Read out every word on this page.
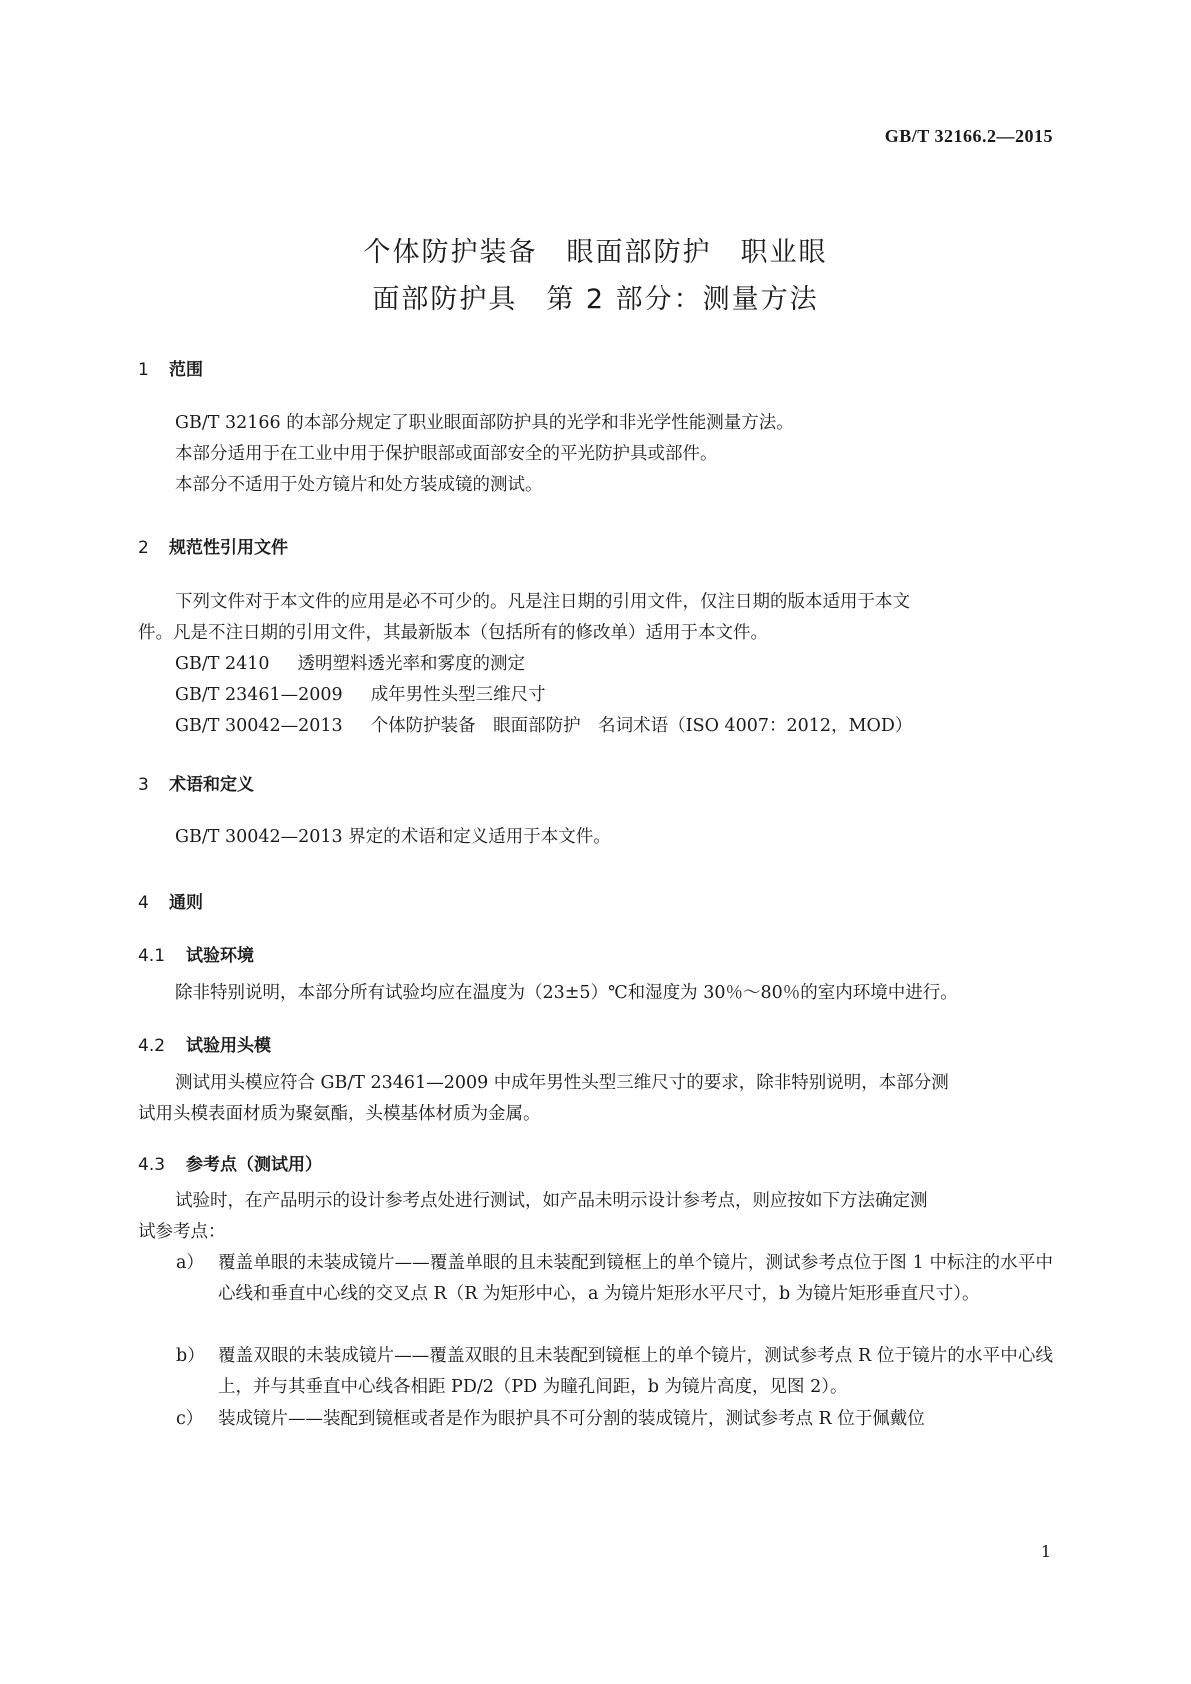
GB/T 32166.2—2015
个体防护装备　眼面部防护　职业眼
面部防护具　第 2 部分：测量方法
1 范围
GB/T 32166 的本部分规定了职业眼面部防护具的光学和非光学性能测量方法。
本部分适用于在工业中用于保护眼部或面部安全的平光防护具或部件。
本部分不适用于处方镜片和处方装成镜的测试。
2 规范性引用文件
下列文件对于本文件的应用是必不可少的。凡是注日期的引用文件，仅注日期的版本适用于本文
件。凡是不注日期的引用文件，其最新版本（包括所有的修改单）适用于本文件。
GB/T 2410 透明塑料透光率和雾度的测定
GB/T 23461—2009 成年男性头型三维尺寸
GB/T 30042—2013 个体防护装备　眼面部防护　名词术语（ISO 4007：2012，MOD）
3 术语和定义
GB/T 30042—2013 界定的术语和定义适用于本文件。
4 通则
4.1 试验环境
除非特别说明，本部分所有试验均应在温度为（23±5）℃和湿度为 30％～80％的室内环境中进行。
4.2 试验用头模
测试用头模应符合 GB/T 23461—2009 中成年男性头型三维尺寸的要求，除非特别说明，本部分测
试用头模表面材质为聚氨酯，头模基体材质为金属。
4.3 参考点（测试用）
试验时，在产品明示的设计参考点处进行测试，如产品未明示设计参考点，则应按如下方法确定测
试参考点：
a） 覆盖单眼的未装成镜片——覆盖单眼的且未装配到镜框上的单个镜片，测试参考点位于图 1 中标注的水平中心线和垂直中心线的交叉点 R（R 为矩形中心，a 为镜片矩形水平尺寸，b 为镜片矩形垂直尺寸）。
b） 覆盖双眼的未装成镜片——覆盖双眼的且未装配到镜框上的单个镜片，测试参考点 R 位于镜片的水平中心线上，并与其垂直中心线各相距 PD/2（PD 为瞳孔间距，b 为镜片高度，见图 2）。
c） 装成镜片——装配到镜框或者是作为眼护具不可分割的装成镜片，测试参考点 R 位于佩戴位
1
